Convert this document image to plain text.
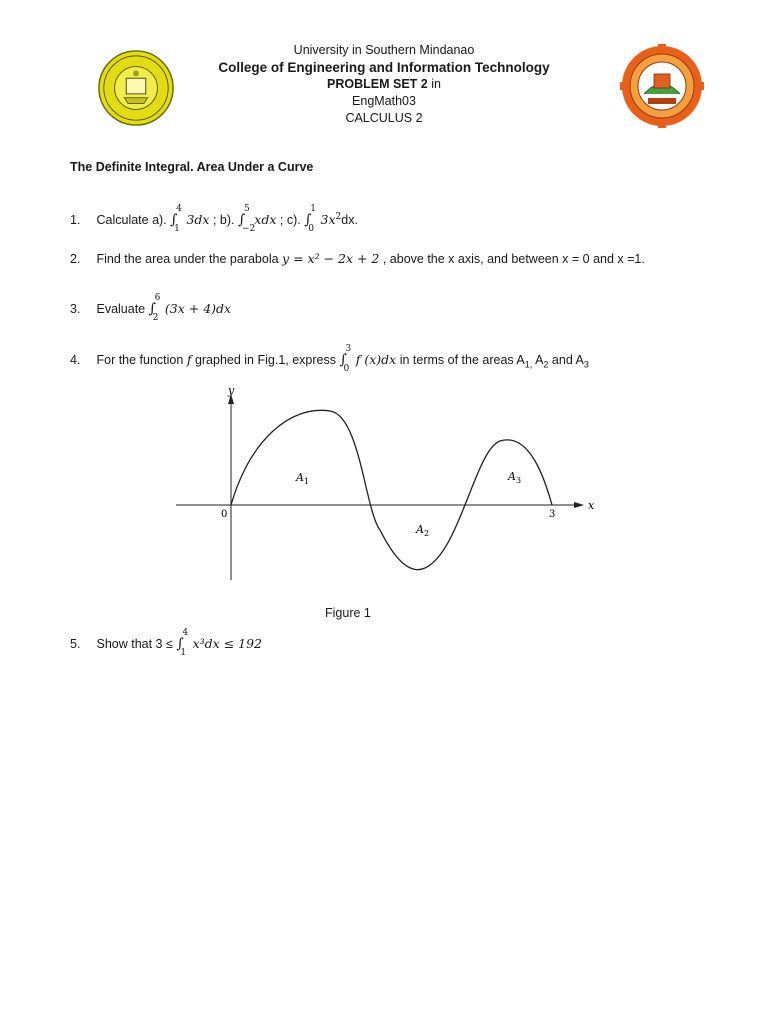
University in Southern Mindanao
College of Engineering and Information Technology
PROBLEM SET 2 in
EngMath03
CALCULUS 2
The Definite Integral. Area Under a Curve
1. Calculate a). ∫
4
1
3dx ; b). ∫
5
−2
xdx ; c). ∫
1
0
$3x^2dx$.
2. Find the area under the parabola y = x² − 2x + 2 , above the x axis, and between x = 0 and x =1.
3. Evaluate ∫
6
2
(3x + 4)dx
4. For the function f graphed in Fig.1, express ∫
3
0
f (x)dx in terms of the areas $A_{1,}$ $A_2$ and $A_3$
y
x
0	3
$A_1$
$A_2$
$A_3$
Figure 1
5. Show that 3 ≤ ∫
4
1
x³dx ≤ 192
